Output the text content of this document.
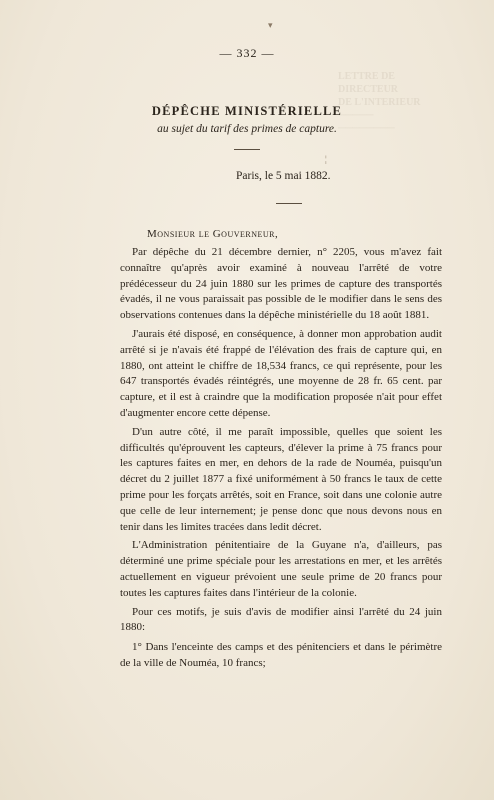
LETTRE DE
DIRECTEUR
DE L'INTERIEUR
─────
────────
▾
¦
— 332 —
DÉPÊCHE MINISTÉRIELLE
au sujet du tarif des primes de capture.
Paris, le 5 mai 1882.
Monsieur le Gouverneur,

Par dépêche du 21 décembre dernier, n° 2205, vous m'avez fait connaître qu'après avoir examiné à nouveau l'arrêté de votre prédécesseur du 24 juin 1880 sur les primes de capture des transportés évadés, il ne vous paraissait pas possible de le modifier dans le sens des observations contenues dans la dépêche ministérielle du 18 août 1881.

J'aurais été disposé, en conséquence, à donner mon approbation audit arrêté si je n'avais été frappé de l'élévation des frais de capture qui, en 1880, ont atteint le chiffre de 18,534 francs, ce qui représente, pour les 647 transportés évadés réintégrés, une moyenne de 28 fr. 65 cent. par capture, et il est à craindre que la modification proposée n'ait pour effet d'augmenter encore cette dépense.

D'un autre côté, il me paraît impossible, quelles que soient les difficultés qu'éprouvent les capteurs, d'élever la prime à 75 francs pour les captures faites en mer, en dehors de la rade de Nouméa, puisqu'un décret du 2 juillet 1877 a fixé uniformément à 50 francs le taux de cette prime pour les forçats arrêtés, soit en France, soit dans une colonie autre que celle de leur internement; je pense donc que nous devons nous en tenir dans les limites tracées dans ledit décret.

L'Administration pénitentiaire de la Guyane n'a, d'ailleurs, pas déterminé une prime spéciale pour les arrestations en mer, et les arrêtés actuellement en vigueur prévoient une seule prime de 20 francs pour toutes les captures faites dans l'intérieur de la colonie.

Pour ces motifs, je suis d'avis de modifier ainsi l'arrêté du 24 juin 1880:

1° Dans l'enceinte des camps et des pénitenciers et dans le périmètre de la ville de Nouméa, 10 francs;
